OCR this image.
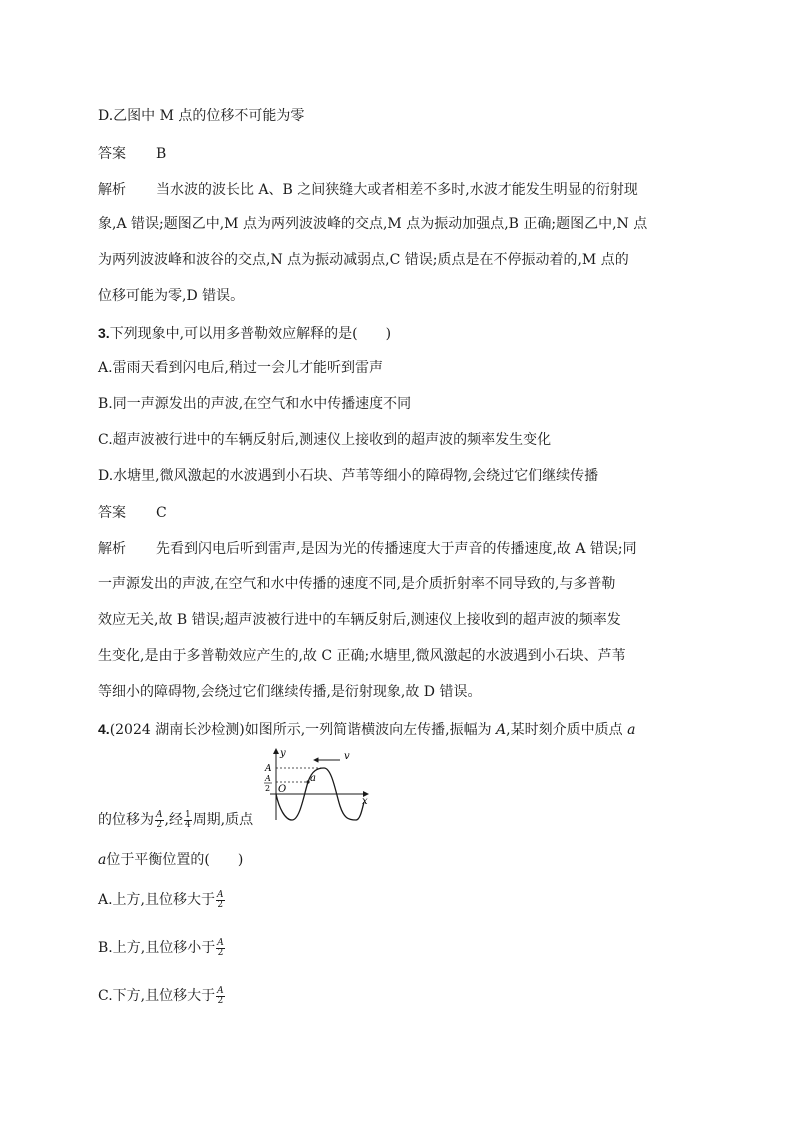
D.乙图中 M 点的位移不可能为零
答案 B
解析 当水波的波长比 A、B 之间狭缝大或者相差不多时,水波才能发生明显的衍射现
象,A 错误;题图乙中,M 点为两列波波峰的交点,M 点为振动加强点,B 正确;题图乙中,N 点
为两列波波峰和波谷的交点,N 点为振动减弱点,C 错误;质点是在不停振动着的,M 点的
位移可能为零,D 错误。
3.下列现象中,可以用多普勒效应解释的是(　　)
A.雷雨天看到闪电后,稍过一会儿才能听到雷声
B.同一声源发出的声波,在空气和水中传播速度不同
C.超声波被行进中的车辆反射后,测速仪上接收到的超声波的频率发生变化
D.水塘里,微风激起的水波遇到小石块、芦苇等细小的障碍物,会绕过它们继续传播
答案 C
解析 先看到闪电后听到雷声,是因为光的传播速度大于声音的传播速度,故 A 错误;同
一声源发出的声波,在空气和水中传播的速度不同,是介质折射率不同导致的,与多普勒
效应无关,故 B 错误;超声波被行进中的车辆反射后,测速仪上接收到的超声波的频率发
生变化,是由于多普勒效应产生的,故 C 正确;水塘里,微风激起的水波遇到小石块、芦苇
等细小的障碍物,会绕过它们继续传播,是衍射现象,故 D 错误。
4.(2024 湖南长沙检测)如图所示,一列简谐横波向左传播,振幅为 A,某时刻介质中质点 a
v
a
y
x
O
A
A
2
的位移为 $\frac{A}{2}$ ,经 $\frac{1}{4}$ 周期,质点
a位于平衡位置的(　　)
A.上方,且位移大于 $\frac{A}{2}$
B.上方,且位移小于 $\frac{A}{2}$
C.下方,且位移大于 $\frac{A}{2}$
